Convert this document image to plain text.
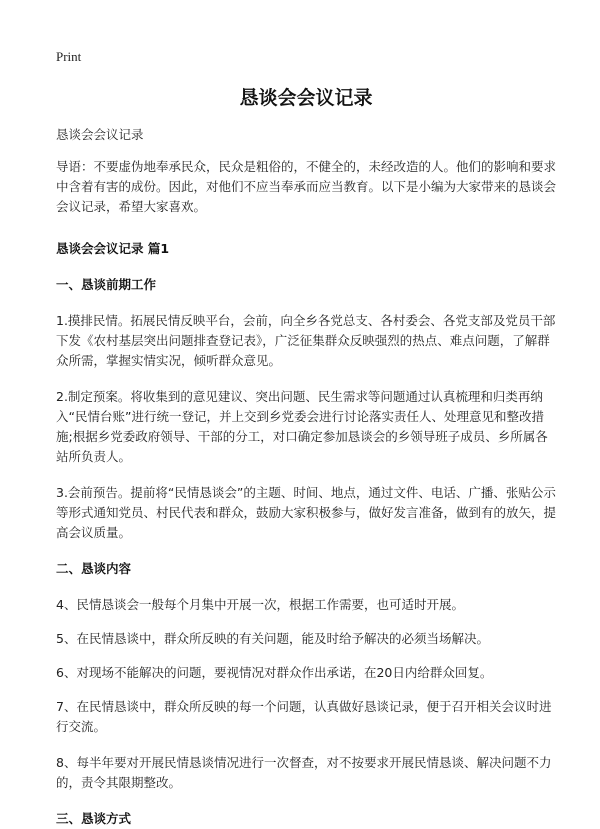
Print
恳谈会会议记录

恳谈会会议记录

导语：不要虚伪地奉承民众，民众是粗俗的，不健全的，未经改造的人。他们的影响和要求中含着有害的成份。因此，对他们不应当奉承而应当教育。以下是小编为大家带来的恳谈会会议记录，希望大家喜欢。

恳谈会会议记录 篇1
一、恳谈前期工作

1.摸排民情。拓展民情反映平台，会前，向全乡各党总支、各村委会、各党支部及党员干部下发《农村基层突出问题排查登记表》，广泛征集群众反映强烈的热点、难点问题，了解群众所需，掌握实情实况，倾听群众意见。

2.制定预案。将收集到的意见建议、突出问题、民生需求等问题通过认真梳理和归类再纳入“民情台账”进行统一登记，并上交到乡党委会进行讨论落实责任人、处理意见和整改措施;根据乡党委政府领导、干部的分工，对口确定参加恳谈会的乡领导班子成员、乡所属各站所负责人。

3.会前预告。提前将“民情恳谈会”的主题、时间、地点，通过文件、电话、广播、张贴公示等形式通知党员、村民代表和群众，鼓励大家积极参与，做好发言准备，做到有的放矢，提高会议质量。

二、恳谈内容

4、民情恳谈会一般每个月集中开展一次，根据工作需要，也可适时开展。

5、在民情恳谈中，群众所反映的有关问题，能及时给予解决的必须当场解决。

6、对现场不能解决的问题，要视情况对群众作出承诺，在20日内给群众回复。

7、在民情恳谈中，群众所反映的每一个问题，认真做好恳谈记录，便于召开相关会议时进行交流。

8、每半年要对开展民情恳谈情况进行一次督查，对不按要求开展民情恳谈、解决问题不力的，责令其限期整改。

三、恳谈方式
